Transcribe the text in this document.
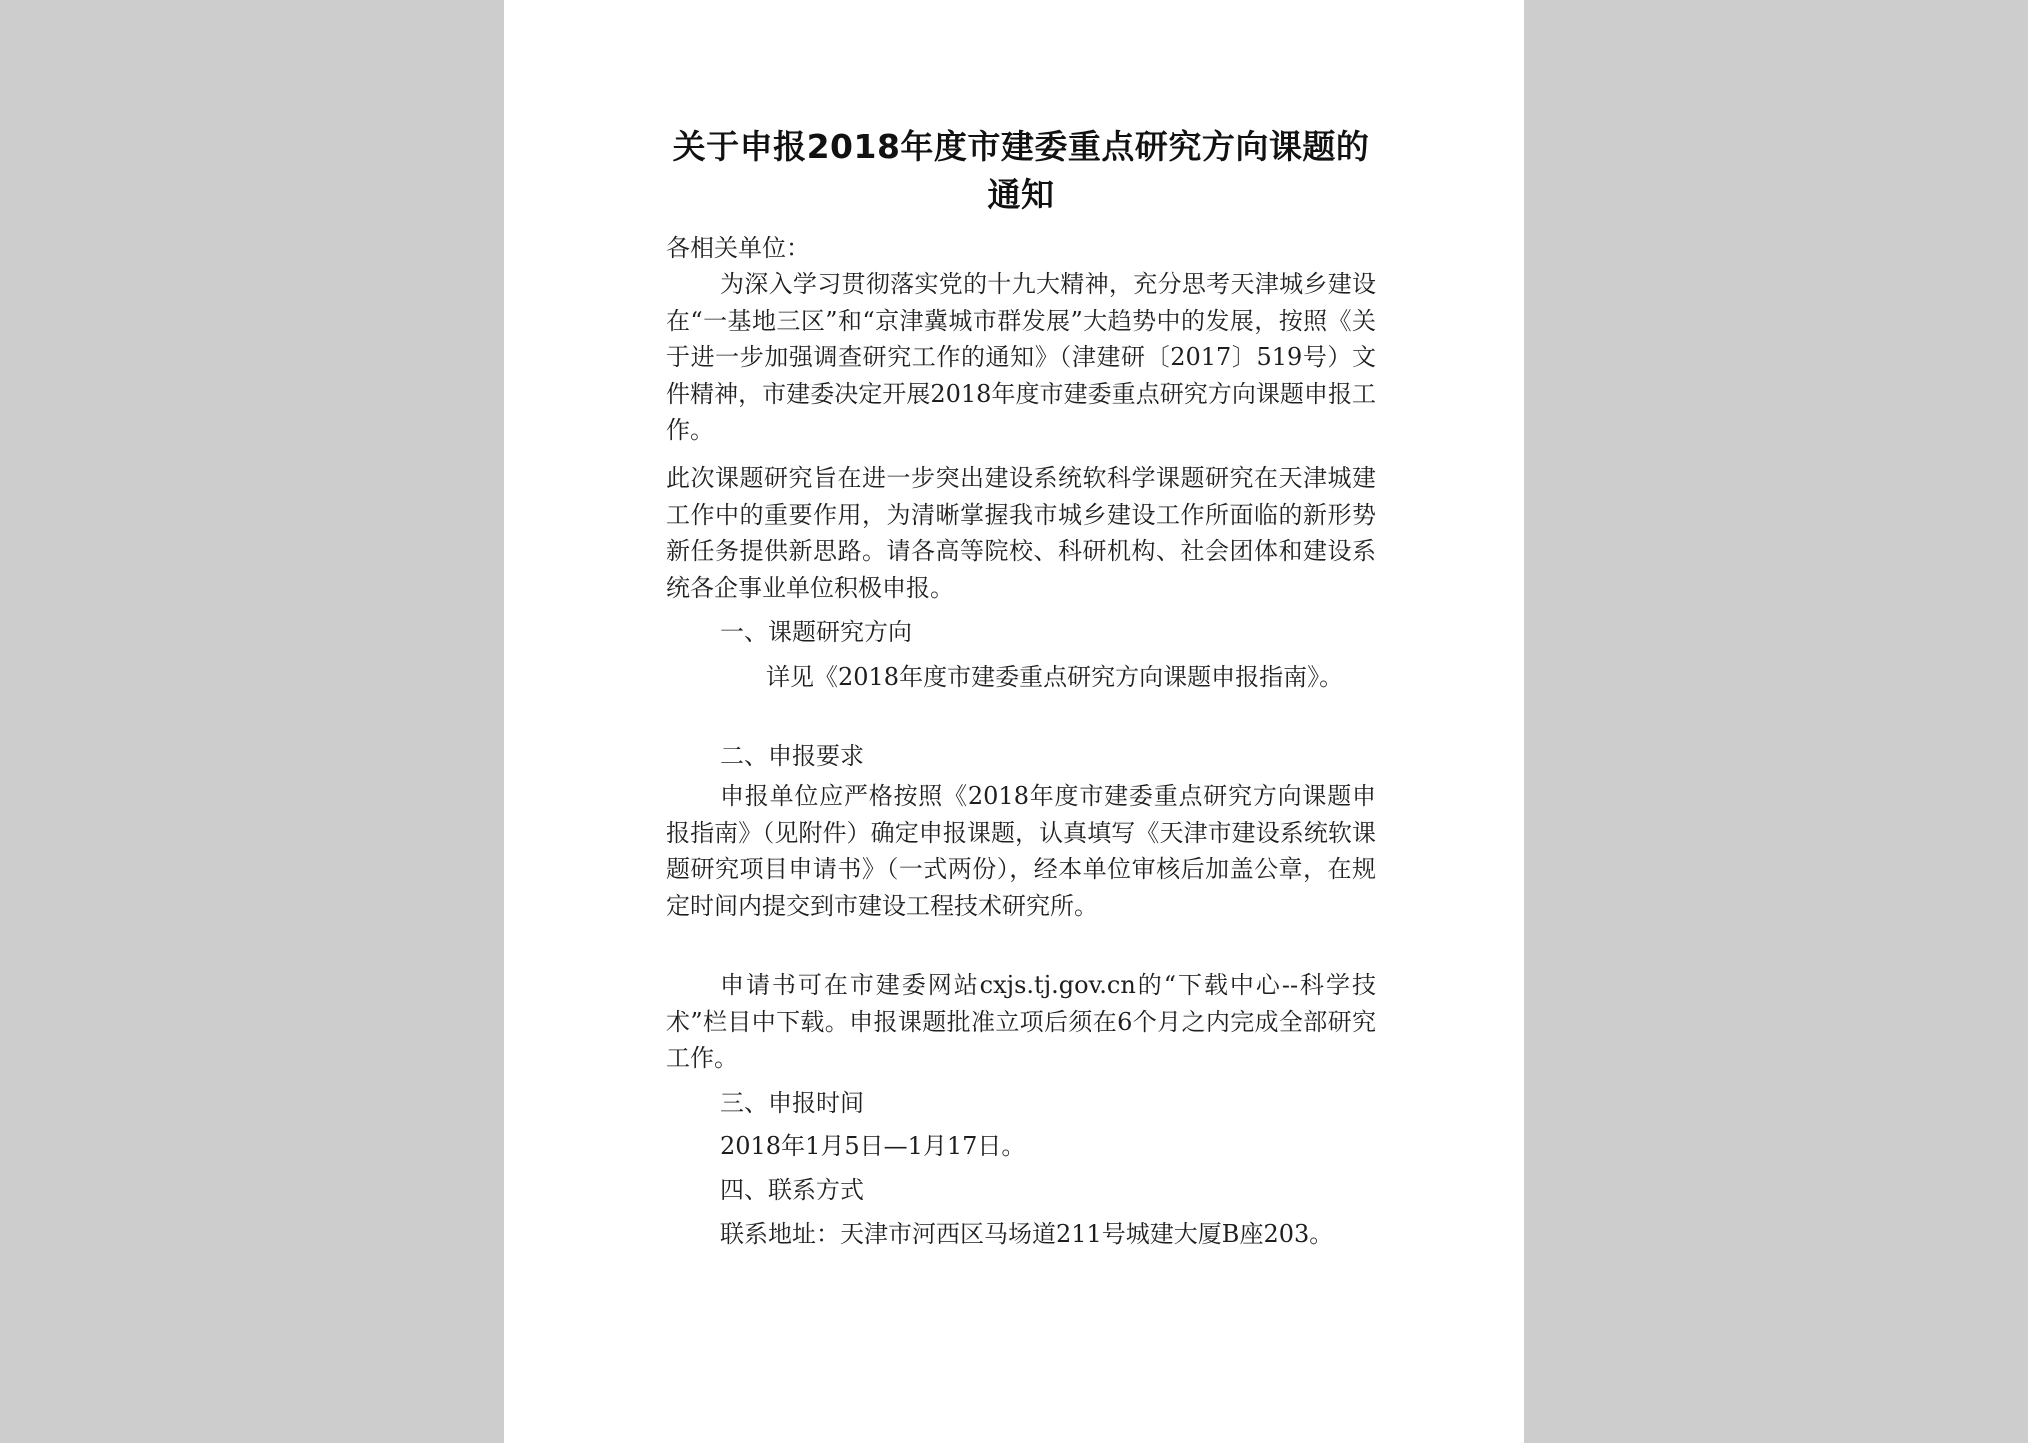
关于申报2018年度市建委重点研究方向课题的通知

各相关单位：

为深入学习贯彻落实党的十九大精神，充分思考天津城乡建设在“一基地三区”和“京津冀城市群发展”大趋势中的发展，按照《关于进一步加强调查研究工作的通知》（津建研〔2017〕519号）文件精神，市建委决定开展2018年度市建委重点研究方向课题申报工作。

此次课题研究旨在进一步突出建设系统软科学课题研究在天津城建工作中的重要作用，为清晰掌握我市城乡建设工作所面临的新形势新任务提供新思路。请各高等院校、科研机构、社会团体和建设系统各企事业单位积极申报。

一、课题研究方向

详见《2018年度市建委重点研究方向课题申报指南》。

二、申报要求

申报单位应严格按照《2018年度市建委重点研究方向课题申报指南》（见附件）确定申报课题，认真填写《天津市建设系统软课题研究项目申请书》（一式两份），经本单位审核后加盖公章，在规定时间内提交到市建设工程技术研究所。

申请书可在市建委网站cxjs.tj.gov.cn的“下载中心--科学技术”栏目中下载。申报课题批准立项后须在6个月之内完成全部研究工作。

三、申报时间

2018年1月5日—1月17日。

四、联系方式

联系地址：天津市河西区马场道211号城建大厦B座203。
